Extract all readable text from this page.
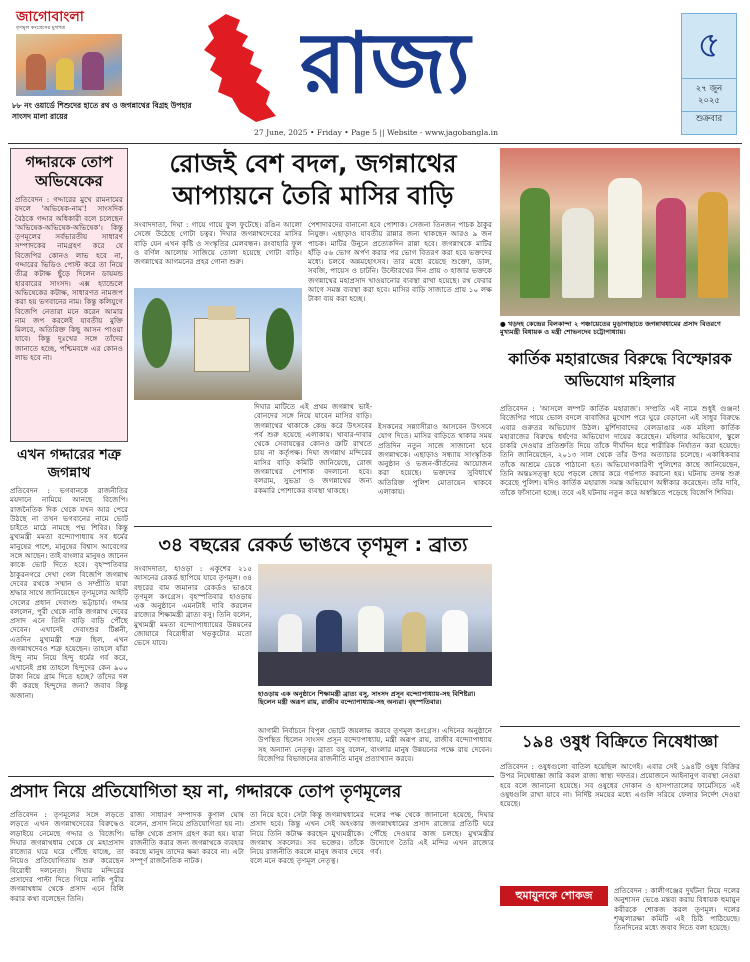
জাগোবাংলা
তৃণমূল কংগ্রেসের মুখপত্র
৮৮ নং ওয়ার্ডে শিশুদের হাতে রথ ও জগন্নাথের বিগ্রহ উপহার সাংসদ মালা রায়ের
রাজ্য
27 June, 2025 • Friday • Page 5 || Website - www.jagobangla.in
৫
২৭ জুন
২০২৫
শুক্রবার
গদ্দারকে তোপ অভিষেকের
প্রতিবেদন : গদ্দারের মুখে রামনামের বদলে 'অভিষেক-নাম'! সাংসদিক বৈঠকে গদ্দার অধিকারী বলে চলেছেন 'অভিষেক-অভিষেক-অভিষেক'। কিন্তু তৃণমূলের সর্বভারতীয় সাধারণ সম্পাদকের নামগ্রহণ করে যে বিজেপির কোনও লাভ হবে না, গদ্দারের ভিডিও পোস্ট করে তা নিয়ে তীব্র কটাক্ষ ছুঁড়ে দিলেন ডায়মন্ড হারবারের সাংসদ। এক্স হ্যান্ডেলে অভিষেকের কটাক্ষ, সাধারণত নামজপ করা হয় ভগবানের নাম। কিন্তু কলিযুগে বিজেপি নেতারা মনে করেন আমার নাম জপ করলেই যাবতীয় মুক্তি মিলবে, অতিরিক্ত কিছু আসন পাওয়া যাবে। কিন্তু দুঃখের সঙ্গে তাঁদের জানাতে হচ্ছে, পশ্চিমবঙ্গে এর কোনও লাভ হবে না।
এখন গদ্দারের শত্রু জগন্নাথ
প্রতিবেদন : ভগবানকে রাজনীতির ময়দানে নামিয়ে আনছে বিজেপি। রাজনৈতিক দিক থেকে যখন আর পেরে উঠছে না তখন ভগবানের নামে ভোট চাইতে মাঠে নামছে পদ্ম শিবির। কিন্তু মুখ্যমন্ত্রী মমতা বন্দ্যোপাধ্যায় সব ধর্মের মানুষের পাশে, মানুষের বিশ্বাস আবেগের সঙ্গে আছেন। তাই বাংলার মানুষও জানেন কাকে ভোট দিতে হবে। বৃহস্পতিবার ঠাকুরনগরে দেখা গেল বিজেপি জগন্নাথ দেবের রথকে সম্মান ও সম্প্রীতি যারা শ্রদ্ধার সাথে জানিয়েছেন তৃণমূলের আইটি সেলের প্রধান দেবাংশু ভট্টাচার্য। গদ্দার বললেন, পুরী থেকে নাকি জগন্নাথ দেবের প্রসাদ এনে তিনি বাড়ি বাড়ি পৌঁছে দেবেন। এখানেই দেবাংশুর টিপ্পনী, এতদিন মুখ্যমন্ত্রী শত্রু ছিল, এখন জগন্নাথদেবও শত্রু হয়েছেন। তাহলে যাঁরা হিন্দু নাম নিয়ে হিন্দু ধর্মের গর্ব করে, এখানেই প্রশ্ন তাহলে হিন্দুদের কেন ৯০০ টাকা নিয়ে গ্রাম দিতে হচ্ছে? তাঁদের দল কী করছে হিন্দুদের জন্য? জবাব কিন্তু অজানা।
রোজই বেশ বদল, জগন্নাথের আপ্যায়নে তৈরি মাসির বাড়ি
সংবাদদাতা, দিঘা : গায়ে গায়ে ফুল ফুটেছে। রঙিন আলো সেজে উঠেছে গোটা চত্বর। দিঘার জগন্নাথদেবের মাসির বাড়ি যেন এখন কৃষ্টি ও সংস্কৃতির মেলবন্ধন। রংবাহারি ফুল ও বর্ণিল আলোয় সাজিয়ে তোলা হয়েছে গোটা বাড়ি। জগন্নাথের আগমনের প্রহর গোনা শুরু।
পেশাদারদের বানানো হবে পোশাক। সেজনা তিনজন পাচক ঠাকুর নিযুক্ত। এছাড়াও যাবতীয় রান্নার জন্য থাকছেন আরও ৯ জন পাচক। মাটির উনুনে প্রত্যেকদিন রান্না হবে। জগন্নাথকে মাটির হাঁড়ি ৫৬ ভোগ অর্পণ করার পর ভোগ বিতরণ করা হবে ভক্তদের মধ্যে। চলবে অন্নমহোৎসব। তার মধ্যে রয়েছে শুক্তো, ডাল, সবজি, পায়েস ও চাটনি। উল্টোরথের দিন প্রায় ৩ হাজার ভক্তকে জগন্নাথের মহাপ্রসাদ খাওয়ানোর ব্যবস্থা রাখা হয়েছে। রথ ফেরার আগে সমস্ত ব্যবস্থা করা হবে। মাসির বাড়ি সাজাতে প্রায় ১০ লক্ষ টাকা ব্যয় করা হচ্ছে।
দিঘার মাটিতে এই প্রথম জগন্নাথ ভাই-বোনদের সঙ্গে নিয়ে যাবেন মাসির বাড়ি। জগন্নাথের থাকাকে কেন্দ্র করে উৎসবের পর্ব শুরু হয়েছে এলাকায়। খাবার-দাবার থেকে সেবাযত্নের কোনও ত্রুটি রাখতে চায় না কর্তৃপক্ষ। দিঘা জগন্নাথ মন্দিরের মাসির বাড়ি কমিটি জানিয়েছে, রোজ জগন্নাথের পোশাক বদলানো হবে। বলরাম, সুভদ্রা ও জগন্নাথের জন্য রকমারি পোশাকের ব্যবস্থা থাকছে।
ইসকনের সন্ন্যাসীরাও আসবেন উৎসবে যোগ দিতে। মাসির বাড়িতে থাকার সময় প্রতিদিন নতুন সাজে সাজানো হবে জগন্নাথকে। এছাড়াও সন্ধ্যায় সাংস্কৃতিক অনুষ্ঠান ও ভজন-কীর্তনের আয়োজন করা হয়েছে। ভক্তদের সুবিধার্থে অতিরিক্ত পুলিশ মোতায়েন থাকবে এলাকায়।
৩৪ বছরের রেকর্ড ভাঙবে তৃণমূল : ব্রাত্য
সংবাদদাতা, হাওড়া : একুশের ২১৫ আসনের রেকর্ড ছাপিয়ে যাবে তৃণমূল। ৩৪ বছরের বাম জমানার রেকর্ডও ভাঙবে তৃণমূল কংগ্রেস। বৃহস্পতিবার হাওড়ায় এক অনুষ্ঠানে এমনটাই দাবি করলেন রাজ্যের শিক্ষামন্ত্রী ব্রাত্য বসু। তিনি বলেন, মুখ্যমন্ত্রী মমতা বন্দ্যোপাধ্যায়ের উন্নয়নের জোয়ারে বিরোধীরা খড়কুটোর মতো ভেসে যাবে।
হাওড়ায় এক অনুষ্ঠানে শিক্ষামন্ত্রী ব্রাত্য বসু, সাংসদ প্রসূন বন্দ্যোপাধ্যায়-সহ বিশিষ্টরা। ছিলেন মন্ত্রী অরূপ রায়, রাজীব বন্দ্যোপাধ্যায়-সহ অন্যরা। বৃহস্পতিবার।
আগামী নির্বাচনে বিপুল ভোটে জয়লাভ করবে তৃণমূল কংগ্রেস। এদিনের অনুষ্ঠানে উপস্থিত ছিলেন সাংসদ প্রসূন বন্দ্যোপাধ্যায়, মন্ত্রী অরূপ রায়, রাজীব বন্দ্যোপাধ্যায় সহ অন্যান্য নেতৃত্ব। ব্রাত্য বসু বলেন, বাংলার মানুষ উন্নয়নের পক্ষে রায় দেবেন। বিজেপির বিভাজনের রাজনীতি মানুষ প্রত্যাখ্যান করবে।
● খড়দহ কেন্দ্রের বিলকান্দা ২ পঞ্চায়েতের মুড়াগাছাতে জগন্নাথধামের প্রসাদ বিতরণে মুখ্যমন্ত্রী বিধায়ক ও মন্ত্রী শোভনদেব চট্টোপাধ্যায়।
কার্তিক মহারাজের বিরুদ্ধে বিস্ফোরক অভিযোগ মহিলার
প্রতিবেদন : 'আসলে লম্পট কার্তিক মহারাজ'। সম্প্রতি এই নামে শুধুই গুঞ্জন! বিজেপির পায়ে ভোল বদলে বাবাজির মুখোশ পরে ঘুরে বেড়ানো এই সাধুর বিরুদ্ধে এবার গুরুতর অভিযোগ উঠল। মুর্শিদাবাদের বেলডাঙার এক মহিলা কার্তিক মহারাজের বিরুদ্ধে ধর্ষণের অভিযোগ দায়ের করেছেন। মহিলার অভিযোগ, স্কুলে চাকরি দেওয়ার প্রতিশ্রুতি দিয়ে তাঁকে দীর্ঘদিন ধরে শারীরিক নির্যাতন করা হয়েছে। তিনি জানিয়েছেন, ২০১৩ সাল থেকে তাঁর উপর অত্যাচার চলেছে। একাধিকবার তাঁকে আশ্রমে ডেকে পাঠানো হত। অভিযোগকারিণী পুলিশের কাছে জানিয়েছেন, তিনি অন্তঃসত্ত্বা হয়ে পড়লে জোর করে গর্ভপাত করানো হয়। ঘটনায় তদন্ত শুরু করেছে পুলিশ। যদিও কার্তিক মহারাজ সমস্ত অভিযোগ অস্বীকার করেছেন। তাঁর দাবি, তাঁকে ফাঁসানো হচ্ছে। তবে এই ঘটনায় নতুন করে অস্বস্তিতে পড়েছে বিজেপি শিবির।
১৯৪ ওষুধ বিক্রিতে নিষেধাজ্ঞা
প্রতিবেদন : ওষুধগুলো বাতিল হয়েছিল আগেই। এবার সেই ১৯৪টি ওষুধ বিক্রির উপর নিষেধাজ্ঞা জারি করল রাজ্য স্বাস্থ্য দফতর। প্রয়োজনে আইনানুগ ব্যবস্থা নেওয়া হবে বলে জানানো হয়েছে। সব ওষুধের দোকান ও হাসপাতালের ফার্মেসিতে এই ওষুধগুলি রাখা যাবে না। নির্দিষ্ট সময়ের মধ্যে এগুলি সরিয়ে ফেলার নির্দেশ দেওয়া হয়েছে।
হুমায়ুনকে শোকজ	প্রতিবেদন : কালীগঞ্জের দুর্ঘটনা নিয়ে দলের অনুশাসন ভেঙে মন্তব্য করায় বিধায়ক হুমায়ুন কবীরকে শোকজ করল তৃণমূল। দলের শৃঙ্খলারক্ষা কমিটি এই চিঠি পাঠিয়েছে। তিনদিনের মধ্যে জবাব দিতে বলা হয়েছে।
প্রসাদ নিয়ে প্রতিযোগিতা হয় না, গদ্দারকে তোপ তৃণমূলের
প্রতিবেদন : তৃণমূলের সঙ্গে লড়তে লড়তে এখন জগন্নাথদেবের বিরুদ্ধেও লড়াইয়ে নেমেছে গদ্দার ও বিজেপি। দিঘার জগন্নাথধাম থেকে যে মহাপ্রসাদ রাজ্যের ঘরে ঘরে পৌঁছে যাচ্ছে, তা নিয়েও প্রতিযোগিতায় শুরু করেছেন বিরোধী দলনেতা। দিঘার মন্দিরের প্রসাদের পাল্টা দিতে গিয়ে নাকি পুরীর জগন্নাথধাম থেকে প্রসাদ এনে বিলি করার কথা বলেছেন তিনি।
রাজ্য সাধারণ সম্পাদক কুণাল ঘোষ বলেন, প্রসাদ নিয়ে প্রতিযোগিতা হয় না। ভক্তি থেকে প্রসাদ গ্রহণ করা হয়। যারা রাজনীতি করার জন্য জগন্নাথকে ব্যবহার করছে মানুষ তাদের ক্ষমা করবে না। এটা সম্পূর্ণ রাজনৈতিক নাটক।
তা নিয়ে হবে। সেটা কিন্তু জগন্নাথধামের প্রসাদ হবে। কিন্তু এখন সেই অহংকার নিয়ে তিনি কটাক্ষ করছেন মুখ্যমন্ত্রীকে। জগন্নাথ সকলের। সব ভক্তের। তাঁকে নিয়ে রাজনীতি করলে মানুষ জবাব দেবে বলে মনে করছে তৃণমূল নেতৃত্ব।
দলের পক্ষ থেকে জানানো হয়েছে, দিঘার জগন্নাথধামের প্রসাদ রাজ্যের প্রতিটি ঘরে পৌঁছে দেওয়ার কাজ চলছে। মুখ্যমন্ত্রীর উদ্যোগে তৈরি এই মন্দির এখন রাজ্যের গর্ব।
